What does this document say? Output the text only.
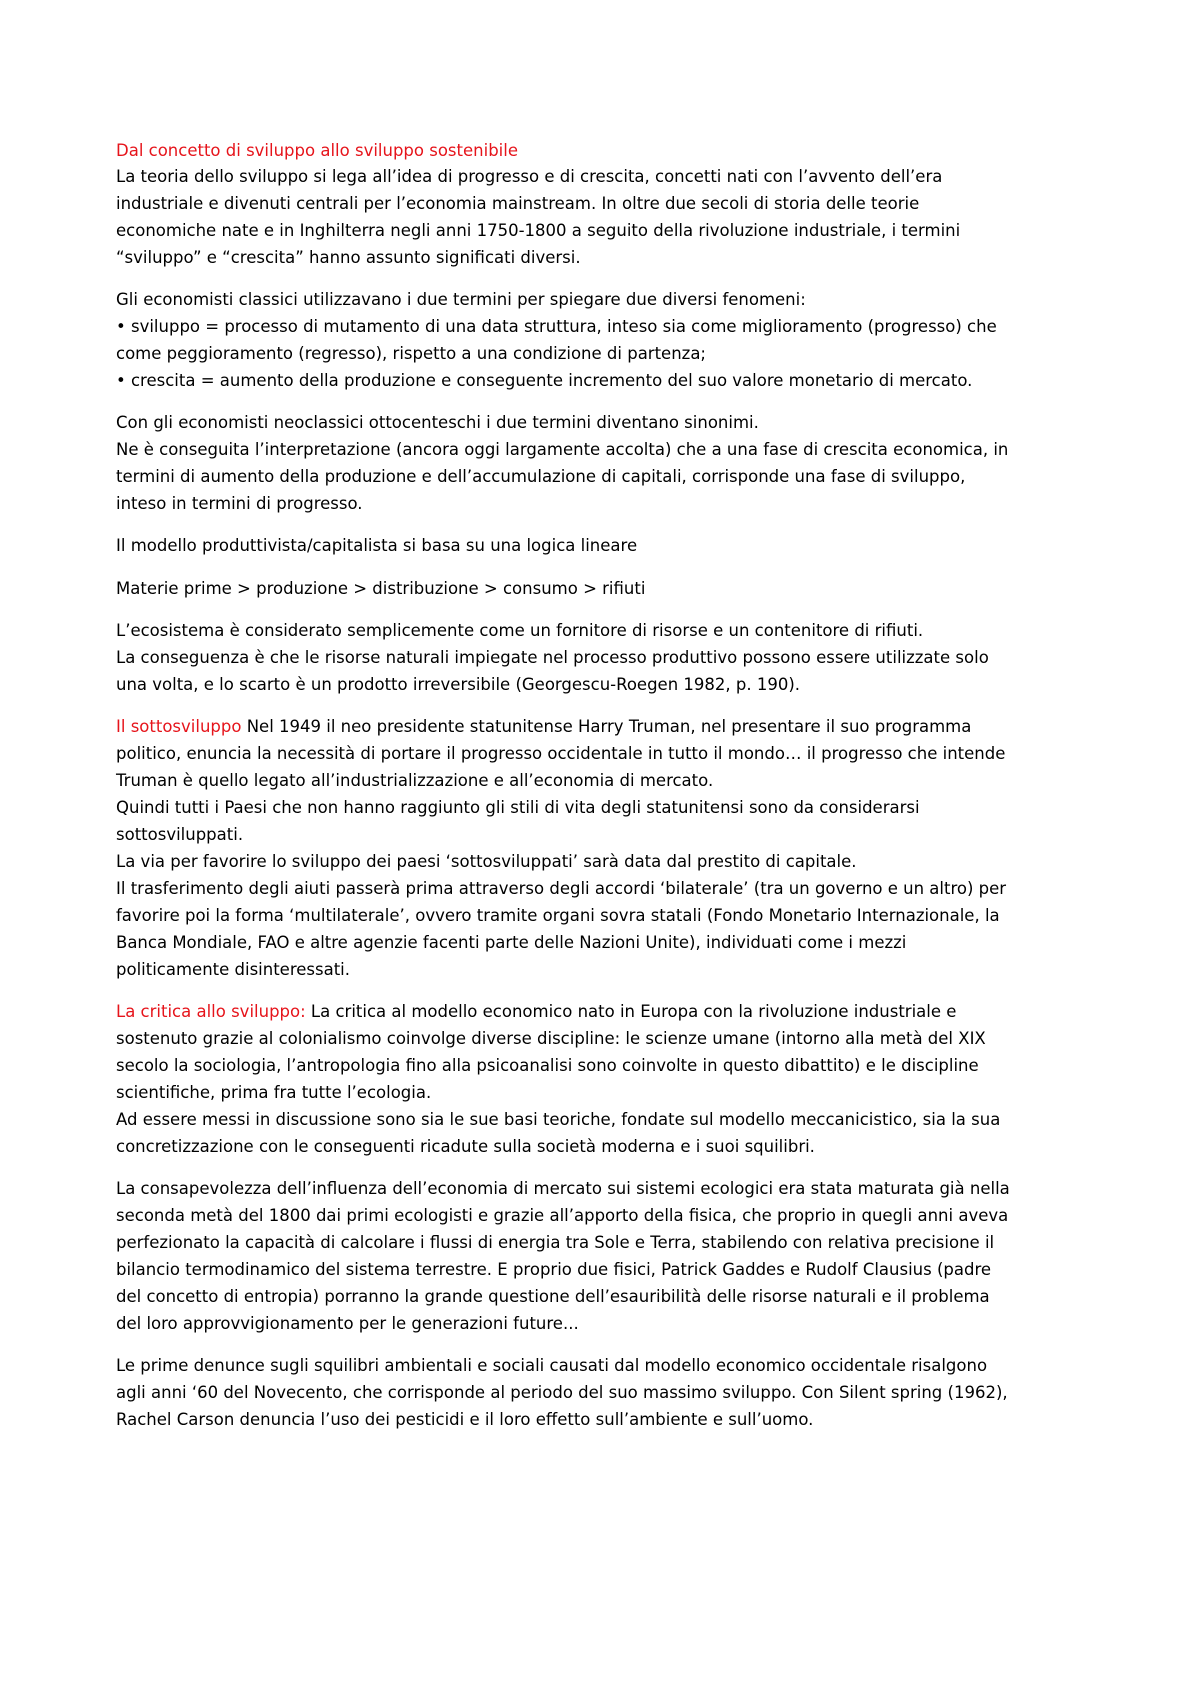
Dal concetto di sviluppo allo sviluppo sostenibile

La teoria dello sviluppo si lega all’idea di progresso e di crescita, concetti nati con l’avvento dell’era

industriale e divenuti centrali per l’economia mainstream. In oltre due secoli di storia delle teorie

economiche nate e in Inghilterra negli anni 1750-1800 a seguito della rivoluzione industriale, i termini

“sviluppo” e “crescita” hanno assunto significati diversi.

Gli economisti classici utilizzavano i due termini per spiegare due diversi fenomeni:

• sviluppo = processo di mutamento di una data struttura, inteso sia come miglioramento (progresso) che

come peggioramento (regresso), rispetto a una condizione di partenza;

• crescita = aumento della produzione e conseguente incremento del suo valore monetario di mercato.

Con gli economisti neoclassici ottocenteschi i due termini diventano sinonimi.

Ne è conseguita l’interpretazione (ancora oggi largamente accolta) che a una fase di crescita economica, in

termini di aumento della produzione e dell’accumulazione di capitali, corrisponde una fase di sviluppo,

inteso in termini di progresso.

Il modello produttivista/capitalista si basa su una logica lineare

Materie prime > produzione > distribuzione > consumo > rifiuti

L’ecosistema è considerato semplicemente come un fornitore di risorse e un contenitore di rifiuti.

La conseguenza è che le risorse naturali impiegate nel processo produttivo possono essere utilizzate solo

una volta, e lo scarto è un prodotto irreversibile (Georgescu-Roegen 1982, p. 190).

Il sottosviluppo Nel 1949 il neo presidente statunitense Harry Truman, nel presentare il suo programma

politico, enuncia la necessità di portare il progresso occidentale in tutto il mondo… il progresso che intende

Truman è quello legato all’industrializzazione e all’economia di mercato.

Quindi tutti i Paesi che non hanno raggiunto gli stili di vita degli statunitensi sono da considerarsi

sottosviluppati.

La via per favorire lo sviluppo dei paesi ‘sottosviluppati’ sarà data dal prestito di capitale.

Il trasferimento degli aiuti passerà prima attraverso degli accordi ‘bilaterale’ (tra un governo e un altro) per

favorire poi la forma ‘multilaterale’, ovvero tramite organi sovra statali (Fondo Monetario Internazionale, la

Banca Mondiale, FAO e altre agenzie facenti parte delle Nazioni Unite), individuati come i mezzi

politicamente disinteressati.

La critica allo sviluppo: La critica al modello economico nato in Europa con la rivoluzione industriale e

sostenuto grazie al colonialismo coinvolge diverse discipline: le scienze umane (intorno alla metà del XIX

secolo la sociologia, l’antropologia fino alla psicoanalisi sono coinvolte in questo dibattito) e le discipline

scientifiche, prima fra tutte l’ecologia.

Ad essere messi in discussione sono sia le sue basi teoriche, fondate sul modello meccanicistico, sia la sua

concretizzazione con le conseguenti ricadute sulla società moderna e i suoi squilibri.

La consapevolezza dell’influenza dell’economia di mercato sui sistemi ecologici era stata maturata già nella

seconda metà del 1800 dai primi ecologisti e grazie all’apporto della fisica, che proprio in quegli anni aveva

perfezionato la capacità di calcolare i flussi di energia tra Sole e Terra, stabilendo con relativa precisione il

bilancio termodinamico del sistema terrestre. E proprio due fisici, Patrick Gaddes e Rudolf Clausius (padre

del concetto di entropia) porranno la grande questione dell’esauribilità delle risorse naturali e il problema

del loro approvvigionamento per le generazioni future...

Le prime denunce sugli squilibri ambientali e sociali causati dal modello economico occidentale risalgono

agli anni ‘60 del Novecento, che corrisponde al periodo del suo massimo sviluppo. Con Silent spring (1962),

Rachel Carson denuncia l’uso dei pesticidi e il loro effetto sull’ambiente e sull’uomo.
